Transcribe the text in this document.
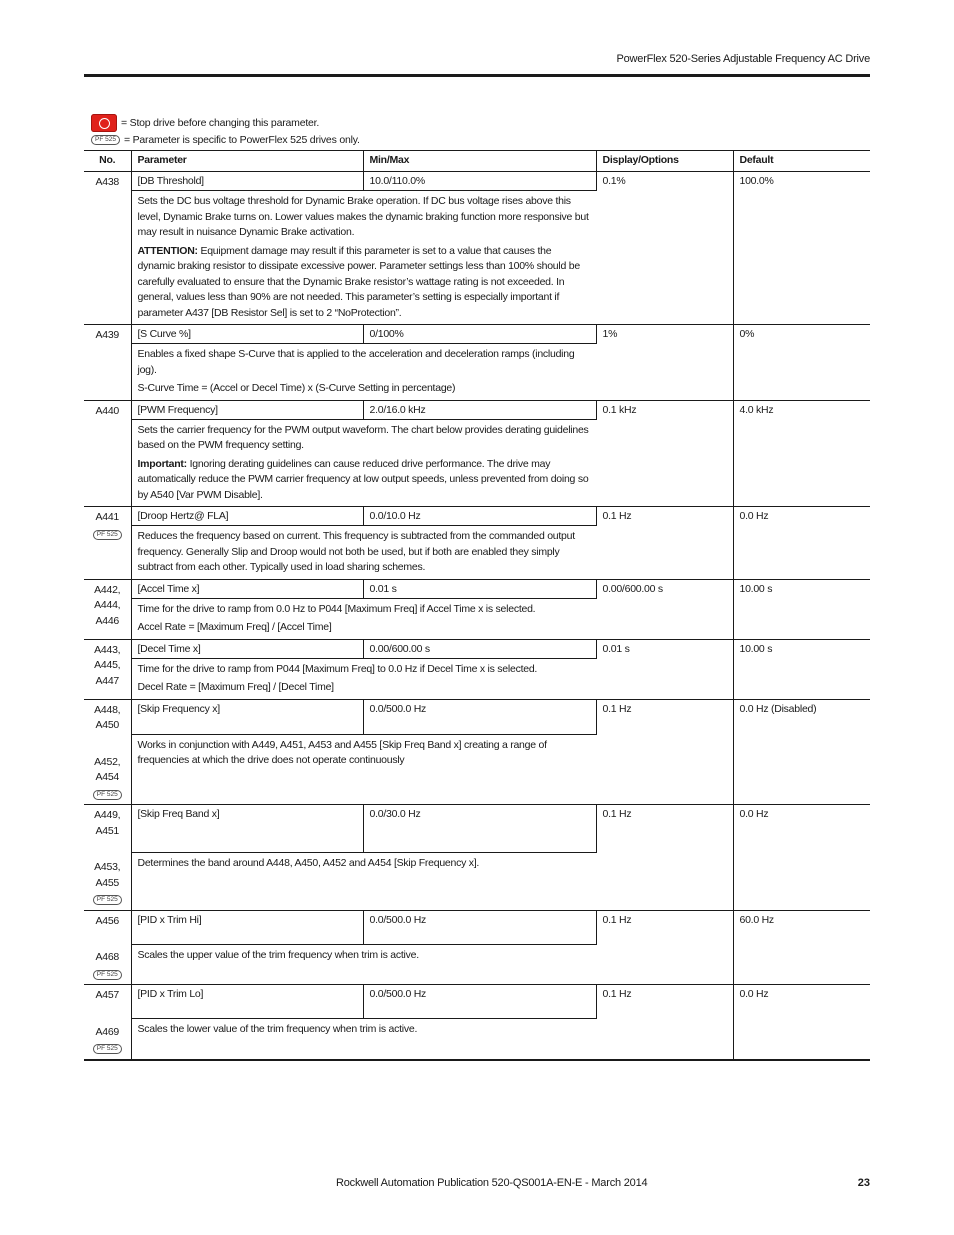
PowerFlex 520-Series Adjustable Frequency AC Drive
= Stop drive before changing this parameter.
PF 525 = Parameter is specific to PowerFlex 525 drives only.
No.	Parameter	Min/Max	Display/Options	Default

A438	[DB Threshold]	10.0/110.0%	0.1%	100.0%

	Sets the DC bus voltage threshold for Dynamic Brake operation. If DC bus voltage rises above this level, Dynamic Brake turns on. Lower values makes the dynamic braking function more responsive but may result in nuisance Dynamic Brake activation.

ATTENTION: Equipment damage may result if this parameter is set to a value that causes the dynamic braking resistor to dissipate excessive power. Parameter settings less than 100% should be carefully evaluated to ensure that the Dynamic Brake resistor’s wattage rating is not exceeded. In general, values less than 90% are not needed. This parameter’s setting is especially important if parameter A437 [DB Resistor Sel] is set to 2 “NoProtection”.			

A439	[S Curve %]	0/100%	1%	0%

	Enables a fixed shape S-Curve that is applied to the acceleration and deceleration ramps (including jog).

S-Curve Time = (Accel or Decel Time) x (S-Curve Setting in percentage)			

A440	[PWM Frequency]	2.0/16.0 kHz	0.1 kHz	4.0 kHz

	Sets the carrier frequency for the PWM output waveform. The chart below provides derating guidelines based on the PWM frequency setting.

Important: Ignoring derating guidelines can cause reduced drive performance. The drive may automatically reduce the PWM carrier frequency at low output speeds, unless prevented from doing so by A540 [Var PWM Disable].			

A441
PF 525	[Droop Hertz@ FLA]	0.0/10.0 Hz	0.1 Hz	0.0 Hz

	Reduces the frequency based on current. This frequency is subtracted from the commanded output frequency. Generally Slip and Droop would not both be used, but if both are enabled they simply subtract from each other. Typically used in load sharing schemes.			

A442,
A444,
A446	[Accel Time x]	0.01 s	0.00/600.00 s	10.00 s

	Time for the drive to ramp from 0.0 Hz to P044 [Maximum Freq] if Accel Time x is selected.

Accel Rate = [Maximum Freq] / [Accel Time]			

A443,
A445,
A447	[Decel Time x]	0.00/600.00 s	0.01 s	10.00 s

	Time for the drive to ramp from P044 [Maximum Freq] to 0.0 Hz if Decel Time x is selected.

Decel Rate = [Maximum Freq] / [Decel Time]			

A448,
A450
A452,
A454
PF 525	[Skip Frequency x]	0.0/500.0 Hz	0.1 Hz	0.0 Hz (Disabled)

	Works in conjunction with A449, A451, A453 and A455 [Skip Freq Band x] creating a range of frequencies at which the drive does not operate continuously			

A449,
A451
A453,
A455
PF 525	[Skip Freq Band x]	0.0/30.0 Hz	0.1 Hz	0.0 Hz

	Determines the band around A448, A450, A452 and A454 [Skip Frequency x].			

A456
A468
PF 525	[PID x Trim Hi]	0.0/500.0 Hz	0.1 Hz	60.0 Hz

	Scales the upper value of the trim frequency when trim is active.			

A457
A469
PF 525	[PID x Trim Lo]	0.0/500.0 Hz	0.1 Hz	0.0 Hz

	Scales the lower value of the trim frequency when trim is active.			

Rockwell Automation Publication 520-QS001A-EN-E - March 2014	23
